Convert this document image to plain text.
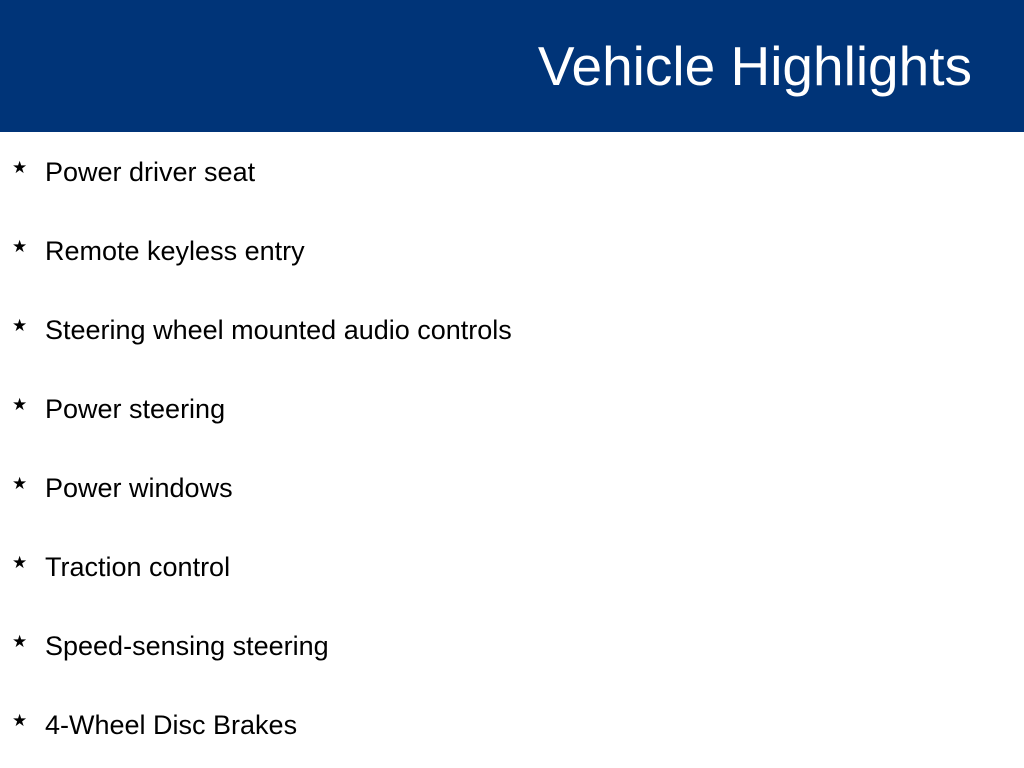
Vehicle Highlights
★ Power driver seat
★ Remote keyless entry
★ Steering wheel mounted audio controls
★ Power steering
★ Power windows
★ Traction control
★ Speed-sensing steering
★ 4-Wheel Disc Brakes
